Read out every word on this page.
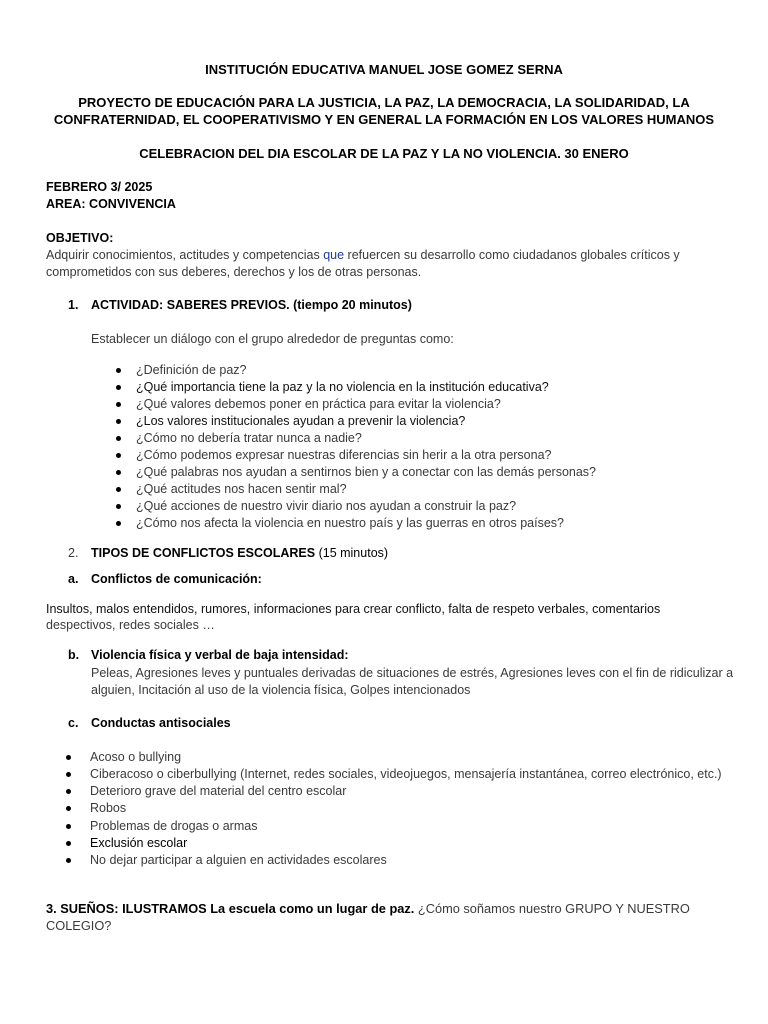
INSTITUCIÓN EDUCATIVA MANUEL JOSE GOMEZ SERNA
PROYECTO DE EDUCACIÓN PARA LA JUSTICIA, LA PAZ, LA DEMOCRACIA, LA SOLIDARIDAD, LA
CONFRATERNIDAD, EL COOPERATIVISMO Y EN GENERAL LA FORMACIÓN EN LOS VALORES HUMANOS
CELEBRACION DEL DIA ESCOLAR DE LA PAZ Y LA NO VIOLENCIA. 30 ENERO
FEBRERO 3/ 2025
AREA: CONVIVENCIA
OBJETIVO:
Adquirir conocimientos, actitudes y competencias que refuercen su desarrollo como ciudadanos globales críticos y
comprometidos con sus deberes, derechos y los de otras personas.
1. ACTIVIDAD: SABERES PREVIOS. (tiempo 20 minutos)
Establecer un diálogo con el grupo alrededor de preguntas como:
¿Definición de paz?
¿Qué importancia tiene la paz y la no violencia en la institución educativa?
¿Qué valores debemos poner en práctica para evitar la violencia?
¿Los valores institucionales ayudan a prevenir la violencia?
¿Cómo no debería tratar nunca a nadie?
¿Cómo podemos expresar nuestras diferencias sin herir a la otra persona?
¿Qué palabras nos ayudan a sentirnos bien y a conectar con las demás personas?
¿Qué actitudes nos hacen sentir mal?
¿Qué acciones de nuestro vivir diario nos ayudan a construir la paz?
¿Cómo nos afecta la violencia en nuestro país y las guerras en otros países?
2. TIPOS DE CONFLICTOS ESCOLARES (15 minutos)
a. Conflictos de comunicación:
Insultos, malos entendidos, rumores, informaciones para crear conflicto, falta de respeto verbales, comentarios
despectivos, redes sociales …
b. Violencia física y verbal de baja intensidad:
Peleas, Agresiones leves y puntuales derivadas de situaciones de estrés, Agresiones leves con el fin de ridiculizar a
alguien, Incitación al uso de la violencia física, Golpes intencionados
c. Conductas antisociales
Acoso o bullying
Ciberacoso o ciberbullying (Internet, redes sociales, videojuegos, mensajería instantánea, correo electrónico, etc.)
Deterioro grave del material del centro escolar
Robos
Problemas de drogas o armas
Exclusión escolar
No dejar participar a alguien en actividades escolares
3. SUEÑOS: ILUSTRAMOS La escuela como un lugar de paz. ¿Cómo soñamos nuestro GRUPO Y NUESTRO
COLEGIO?
